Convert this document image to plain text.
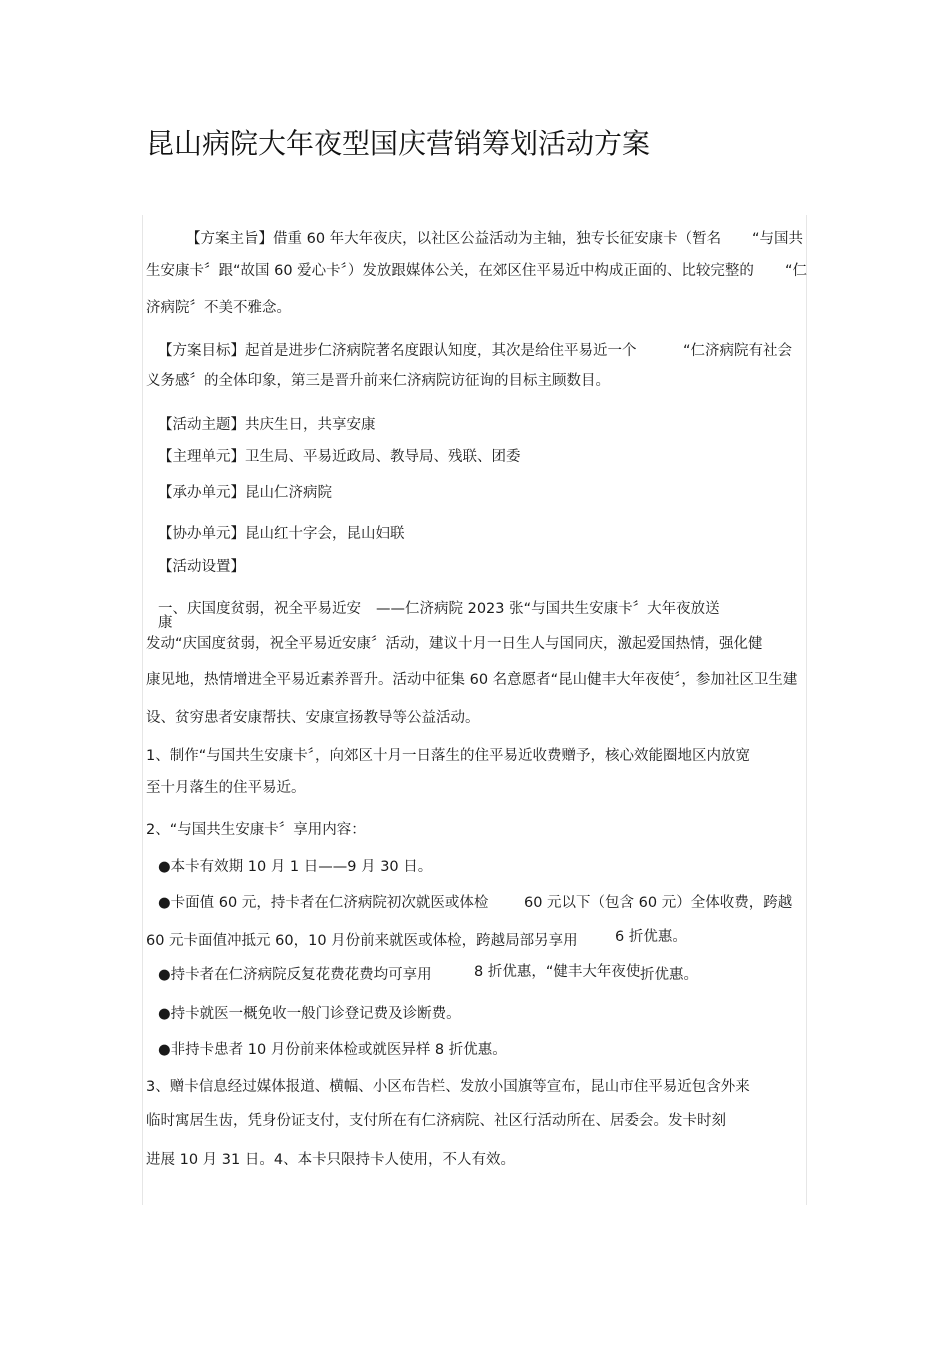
昆山病院大年夜型国庆营销筹划活动方案

【方案主旨】借重 60 年大年夜庆，以社区公益活动为主轴，独专长征安康卡（暂名 “与国共

生安康卡〞跟“故国 60 爱心卡〞）发放跟媒体公关，在郊区住平易近中构成正面的、比较完整的 “仁

济病院〞不美不雅念。

【方案目标】起首是进步仁济病院著名度跟认知度，其次是给住平易近一个	“仁济病院有社会

义务感〞的全体印象，第三是晋升前来仁济病院访征询的目标主顾数目。

【活动主题】共庆生日，共享安康

【主理单元】卫生局、平易近政局、教导局、残联、团委

【承办单元】昆山仁济病院

【协办单元】昆山红十字会，昆山妇联

【活动设置】

一、庆国度贫弱，祝全平易近安 ——仁济病院 2023 张“与国共生安康卡〞大年夜放送

康

发动“庆国度贫弱，祝全平易近安康〞活动，建议十月一日生人与国同庆，激起爱国热情，强化健

康见地，热情增进全平易近素养晋升。活动中征集 60 名意愿者“昆山健丰大年夜使〞，参加社区卫生建

设、贫穷患者安康帮扶、安康宣扬教导等公益活动。

1、制作“与国共生安康卡〞，向郊区十月一日落生的住平易近收费赠予，核心效能圈地区内放宽

至十月落生的住平易近。

2、“与国共生安康卡〞享用内容：

●本卡有效期 10 月 1 日——9 月 30 日。

●卡面值 60 元，持卡者在仁济病院初次就医或体检 60 元以下（包含 60 元）全体收费，跨越

60 元卡面值冲抵元 60，10 月份前来就医或体检，跨越局部另享用	6 折优惠。

●持卡者在仁济病院反复花费花费均可享用	8 折优惠，“健丰大年夜使 折优惠。

●持卡就医一概免收一般门诊登记费及诊断费。

●非持卡患者 10 月份前来体检或就医异样 8 折优惠。

3、赠卡信息经过媒体报道、横幅、小区布告栏、发放小国旗等宣布，昆山市住平易近包含外来

临时寓居生齿，凭身份证支付，支付所在有仁济病院、社区行活动所在、居委会。发卡时刻

进展 10 月 31 日。4、本卡只限持卡人使用，不人有效。
